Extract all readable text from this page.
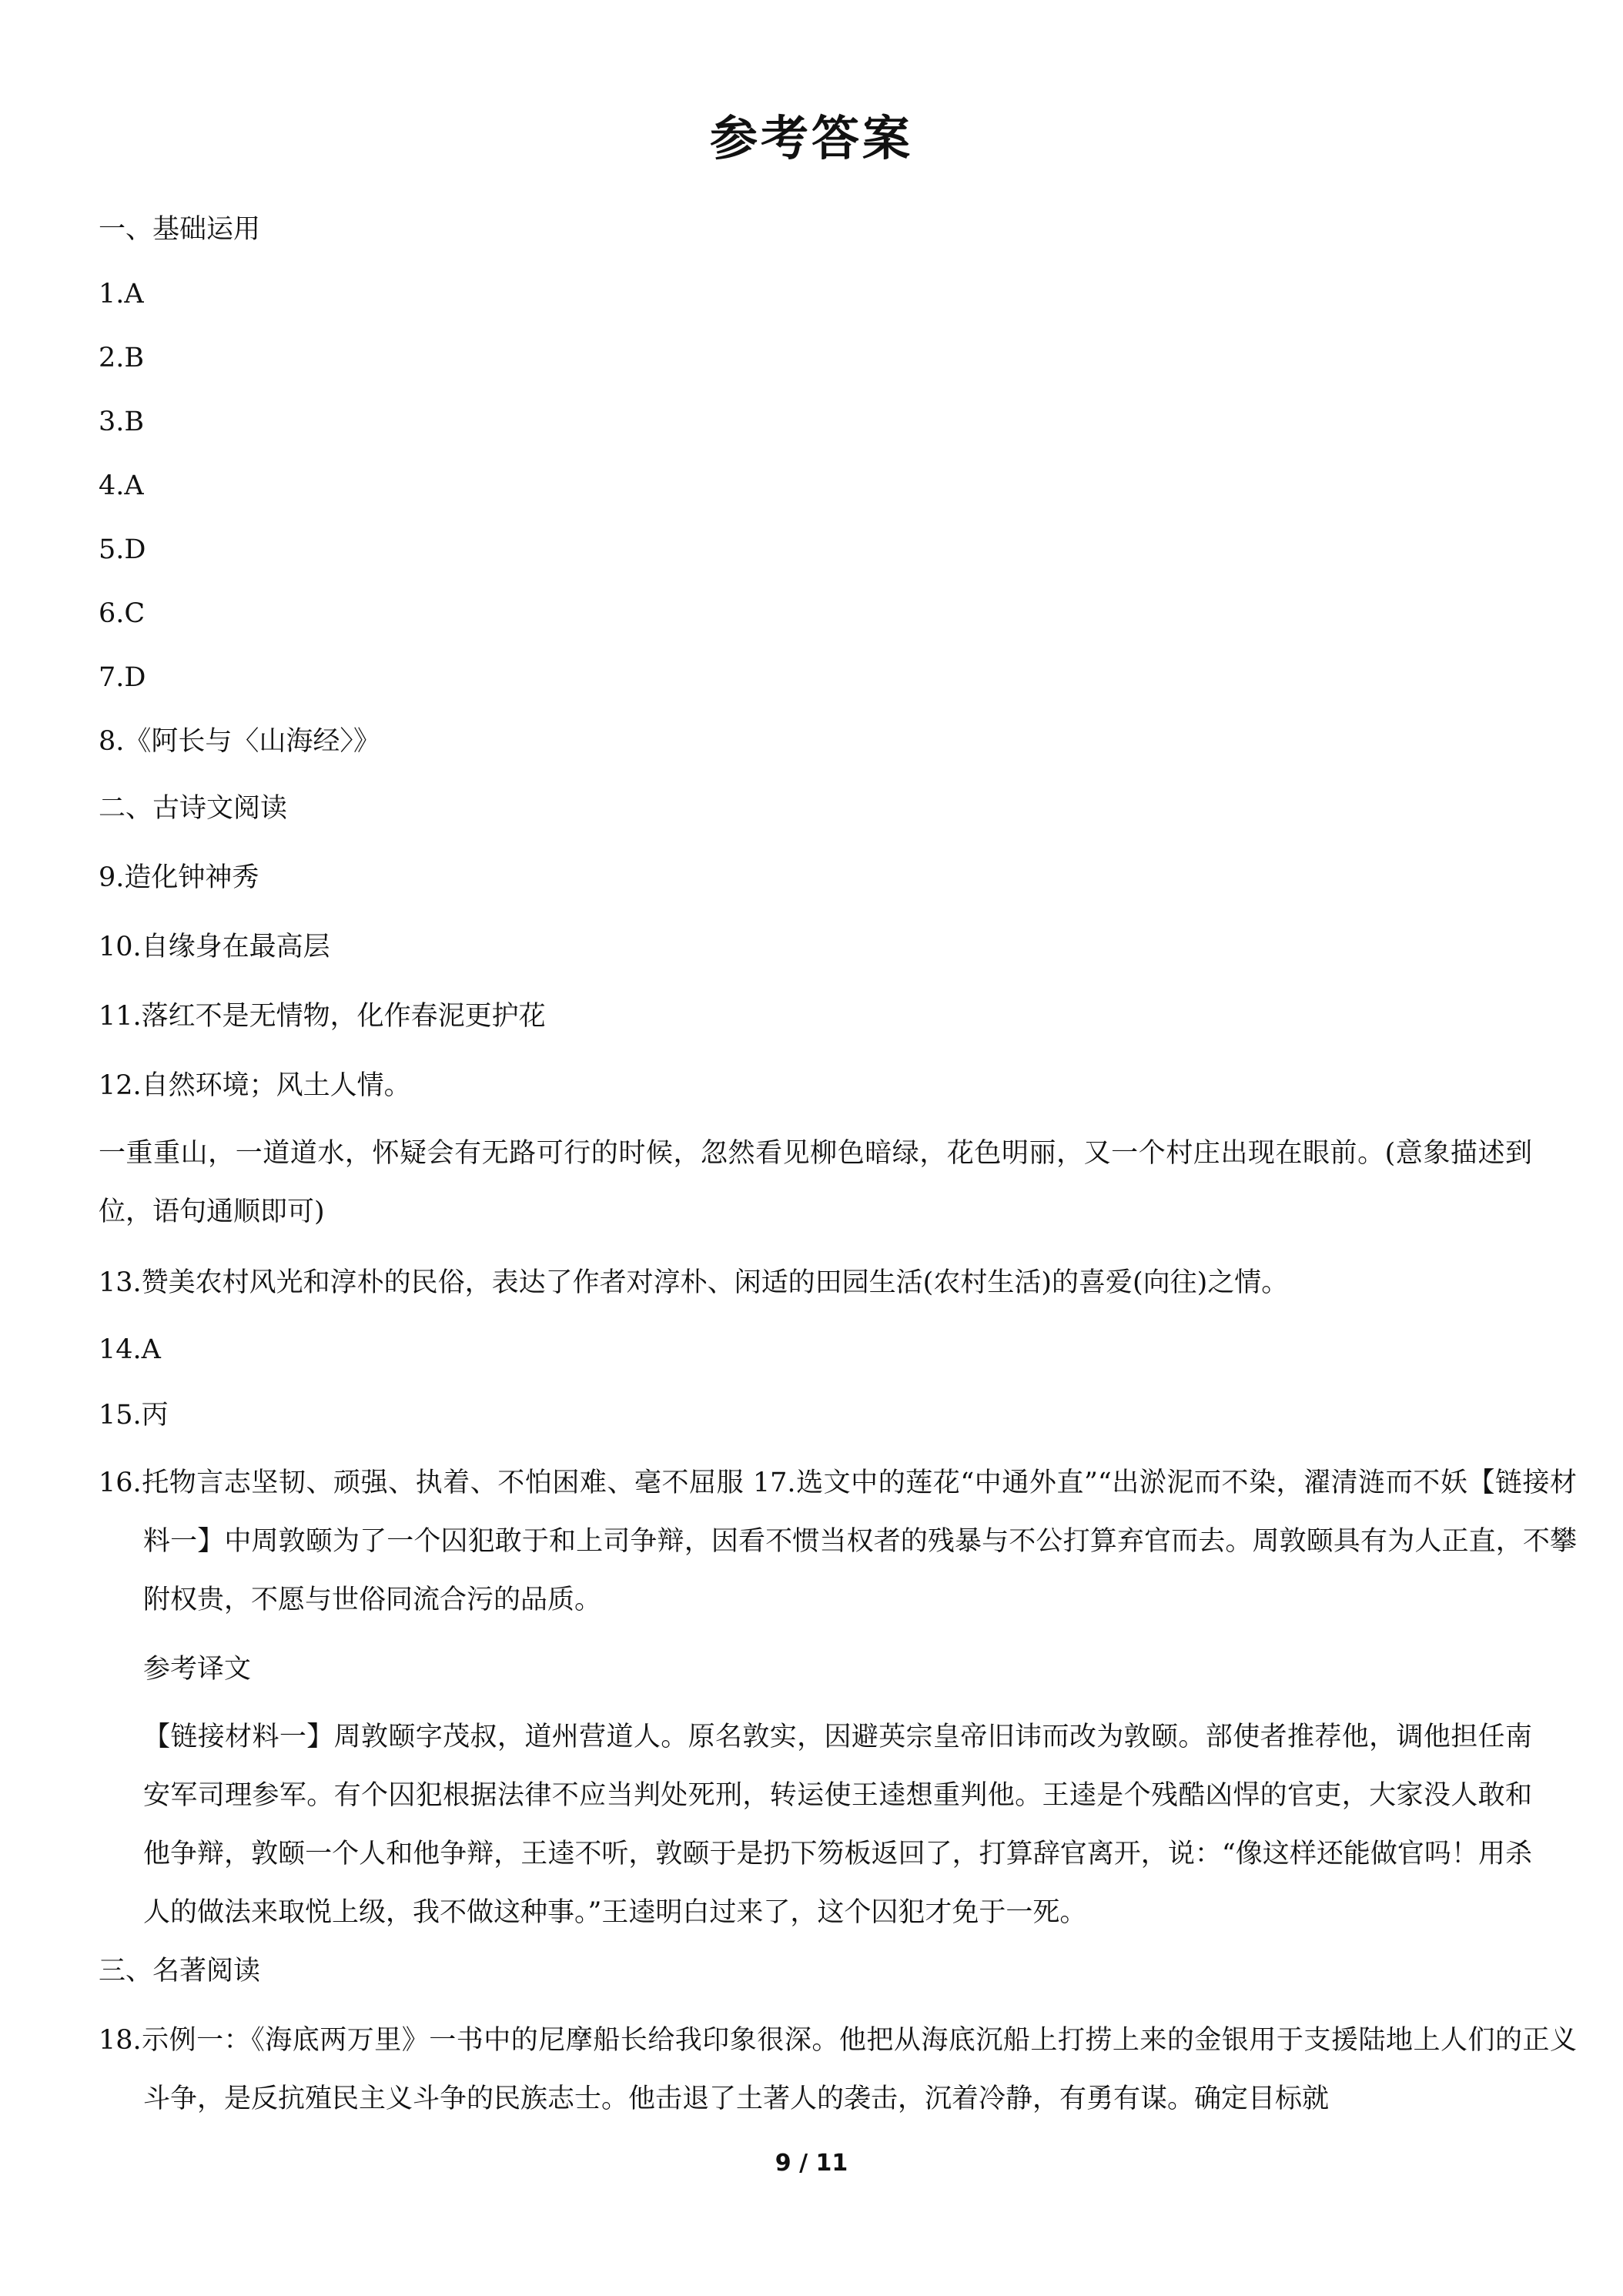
参考答案
一、基础运用
1.A
2.B
3.B
4.A
5.D
6.C
7.D
8.《阿长与〈山海经〉》
二、古诗文阅读
9.造化钟神秀
10.自缘身在最高层
11.落红不是无情物，化作春泥更护花
12.自然环境；风土人情。
一重重山，一道道水，怀疑会有无路可行的时候，忽然看见柳色暗绿，花色明丽，又一个村庄出现在眼前。(意象描述到位，语句通顺即可)
13.赞美农村风光和淳朴的民俗，表达了作者对淳朴、闲适的田园生活(农村生活)的喜爱(向往)之情。
14.A
15.丙
16.托物言志坚韧、顽强、执着、不怕困难、毫不屈服 17.选文中的莲花“中通外直”“出淤泥而不染，濯清涟而不妖【链接材料一】中周敦颐为了一个囚犯敢于和上司争辩，因看不惯当权者的残暴与不公打算弃官而去。周敦颐具有为人正直，不攀附权贵，不愿与世俗同流合污的品质。
参考译文
【链接材料一】周敦颐字茂叔，道州营道人。原名敦实，因避英宗皇帝旧讳而改为敦颐。部使者推荐他，调他担任南安军司理参军。有个囚犯根据法律不应当判处死刑，转运使王逵想重判他。王逵是个残酷凶悍的官吏，大家没人敢和他争辩，敦颐一个人和他争辩，王逵不听，敦颐于是扔下笏板返回了，打算辞官离开，说：“像这样还能做官吗！用杀人的做法来取悦上级，我不做这种事。”王逵明白过来了，这个囚犯才免于一死。
三、名著阅读
18.示例一：《海底两万里》一书中的尼摩船长给我印象很深。他把从海底沉船上打捞上来的金银用于支援陆地上人们的正义斗争，是反抗殖民主义斗争的民族志士。他击退了土著人的袭击，沉着冷静，有勇有谋。确定目标就
9 / 11
